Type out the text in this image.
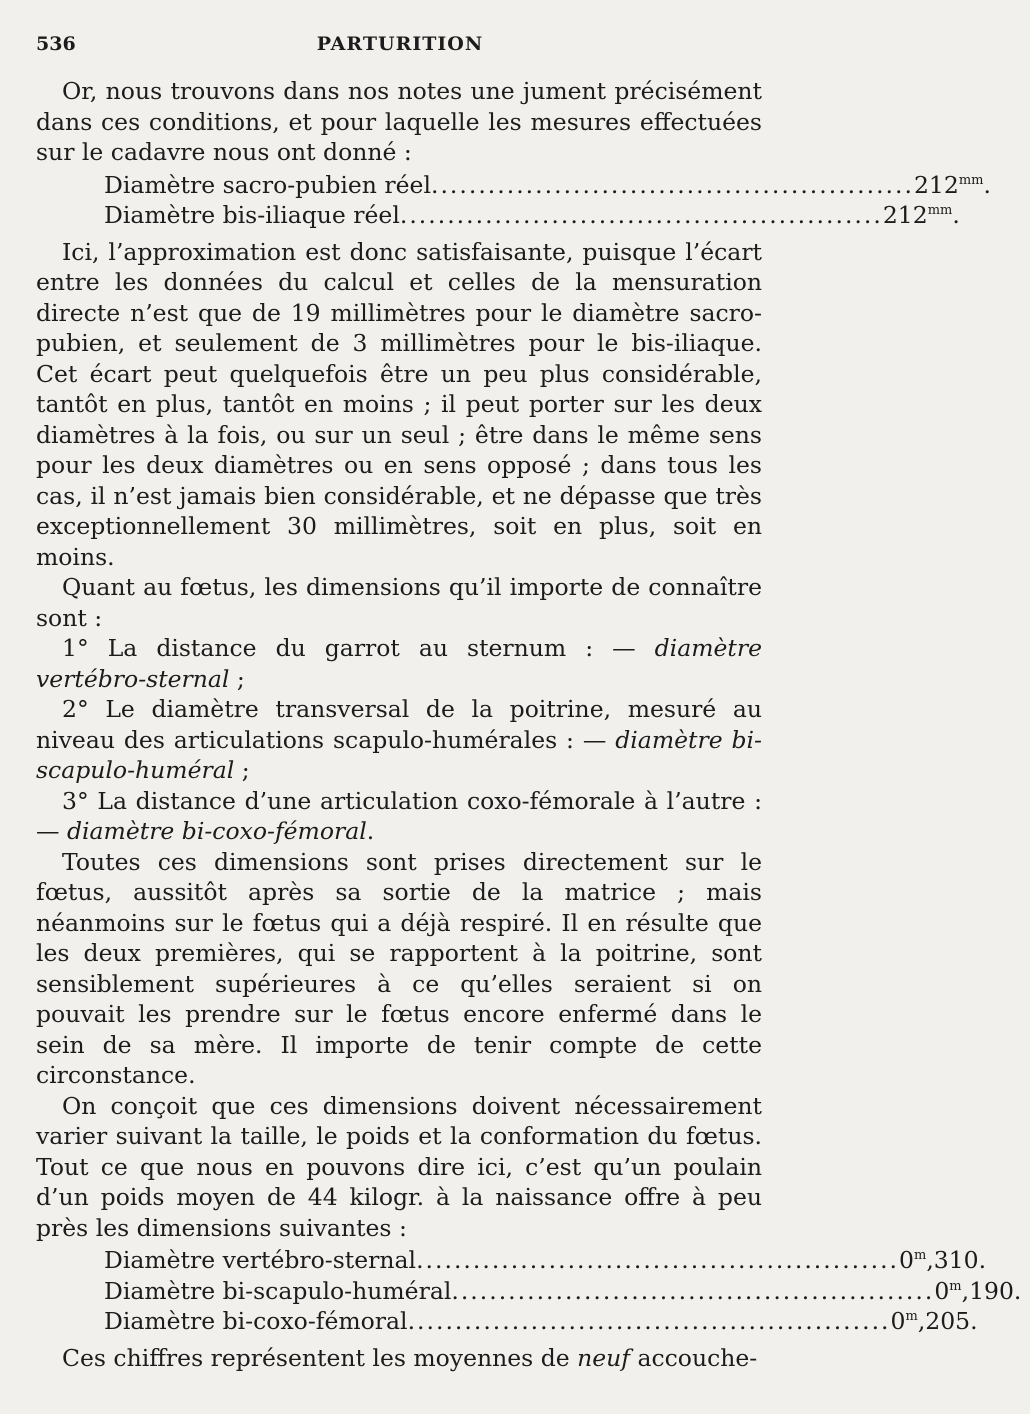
536	PARTURITION

Or, nous trouvons dans nos notes une jument précisément dans ces conditions, et pour laquelle les mesures effectuées sur le cadavre nous ont donné :

Diamètre sacro-pubien réel ................................................... $212^{mm}$.
Diamètre bis-iliaque réel ................................................... $212^{mm}$.

Ici, l’approximation est donc satisfaisante, puisque l’écart entre les données du calcul et celles de la mensuration directe n’est que de 19 millimètres pour le diamètre sacro-pubien, et seulement de 3 millimètres pour le bis-iliaque. Cet écart peut quelquefois être un peu plus considérable, tantôt en plus, tantôt en moins ; il peut porter sur les deux diamètres à la fois, ou sur un seul ; être dans le même sens pour les deux diamètres ou en sens opposé ; dans tous les cas, il n’est jamais bien considérable, et ne dépasse que très exceptionnellement 30 millimètres, soit en plus, soit en moins.

Quant au fœtus, les dimensions qu’il importe de connaître sont :

1° La distance du garrot au sternum : — diamètre vertébro-sternal ;

2° Le diamètre transversal de la poitrine, mesuré au niveau des articulations scapulo-humérales : — diamètre bi-scapulo-huméral ;

3° La distance d’une articulation coxo-fémorale à l’autre : — diamètre bi-coxo-fémoral.

Toutes ces dimensions sont prises directement sur le fœtus, aussitôt après sa sortie de la matrice ; mais néanmoins sur le fœtus qui a déjà respiré. Il en résulte que les deux premières, qui se rapportent à la poitrine, sont sensiblement supérieures à ce qu’elles seraient si on pouvait les prendre sur le fœtus encore enfermé dans le sein de sa mère. Il importe de tenir compte de cette circonstance.

On conçoit que ces dimensions doivent nécessairement varier suivant la taille, le poids et la conformation du fœtus. Tout ce que nous en pouvons dire ici, c’est qu’un poulain d’un poids moyen de 44 kilogr. à la naissance offre à peu près les dimensions suivantes :

Diamètre vertébro-sternal ................................................... 0$^m$,310.
Diamètre bi-scapulo-huméral ................................................... 0$^m$,190.
Diamètre bi-coxo-fémoral ................................................... 0$^m$,205.

Ces chiffres représentent les moyennes de neuf accouche-
